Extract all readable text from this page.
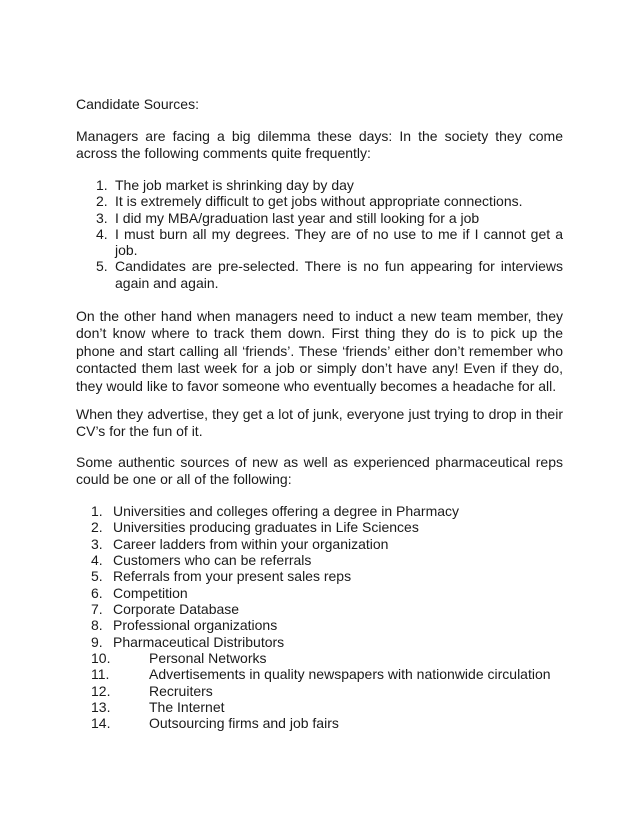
Candidate Sources:

Managers are facing a big dilemma these days: In the society they come across the following comments quite frequently:

1. The job market is shrinking day by day
2. It is extremely difficult to get jobs without appropriate connections.
3. I did my MBA/graduation last year and still looking for a job
4. I must burn all my degrees. They are of no use to me if I cannot get a job.
5. Candidates are pre-selected. There is no fun appearing for interviews again and again.

On the other hand when managers need to induct a new team member, they don’t know where to track them down. First thing they do is to pick up the phone and start calling all ‘friends’. These ‘friends’ either don’t remember who contacted them last week for a job or simply don’t have any! Even if they do, they would like to favor someone who eventually becomes a headache for all.

When they advertise, they get a lot of junk, everyone just trying to drop in their CV’s for the fun of it.

Some authentic sources of new as well as experienced pharmaceutical reps could be one or all of the following:

1. Universities and colleges offering a degree in Pharmacy
2. Universities producing graduates in Life Sciences
3. Career ladders from within your organization
4. Customers who can be referrals
5. Referrals from your present sales reps
6. Competition
7. Corporate Database
8. Professional organizations
9. Pharmaceutical Distributors
10.	Personal Networks
11.	Advertisements in quality newspapers with nationwide circulation
12.	Recruiters
13.	The Internet
14.	Outsourcing firms and job fairs
